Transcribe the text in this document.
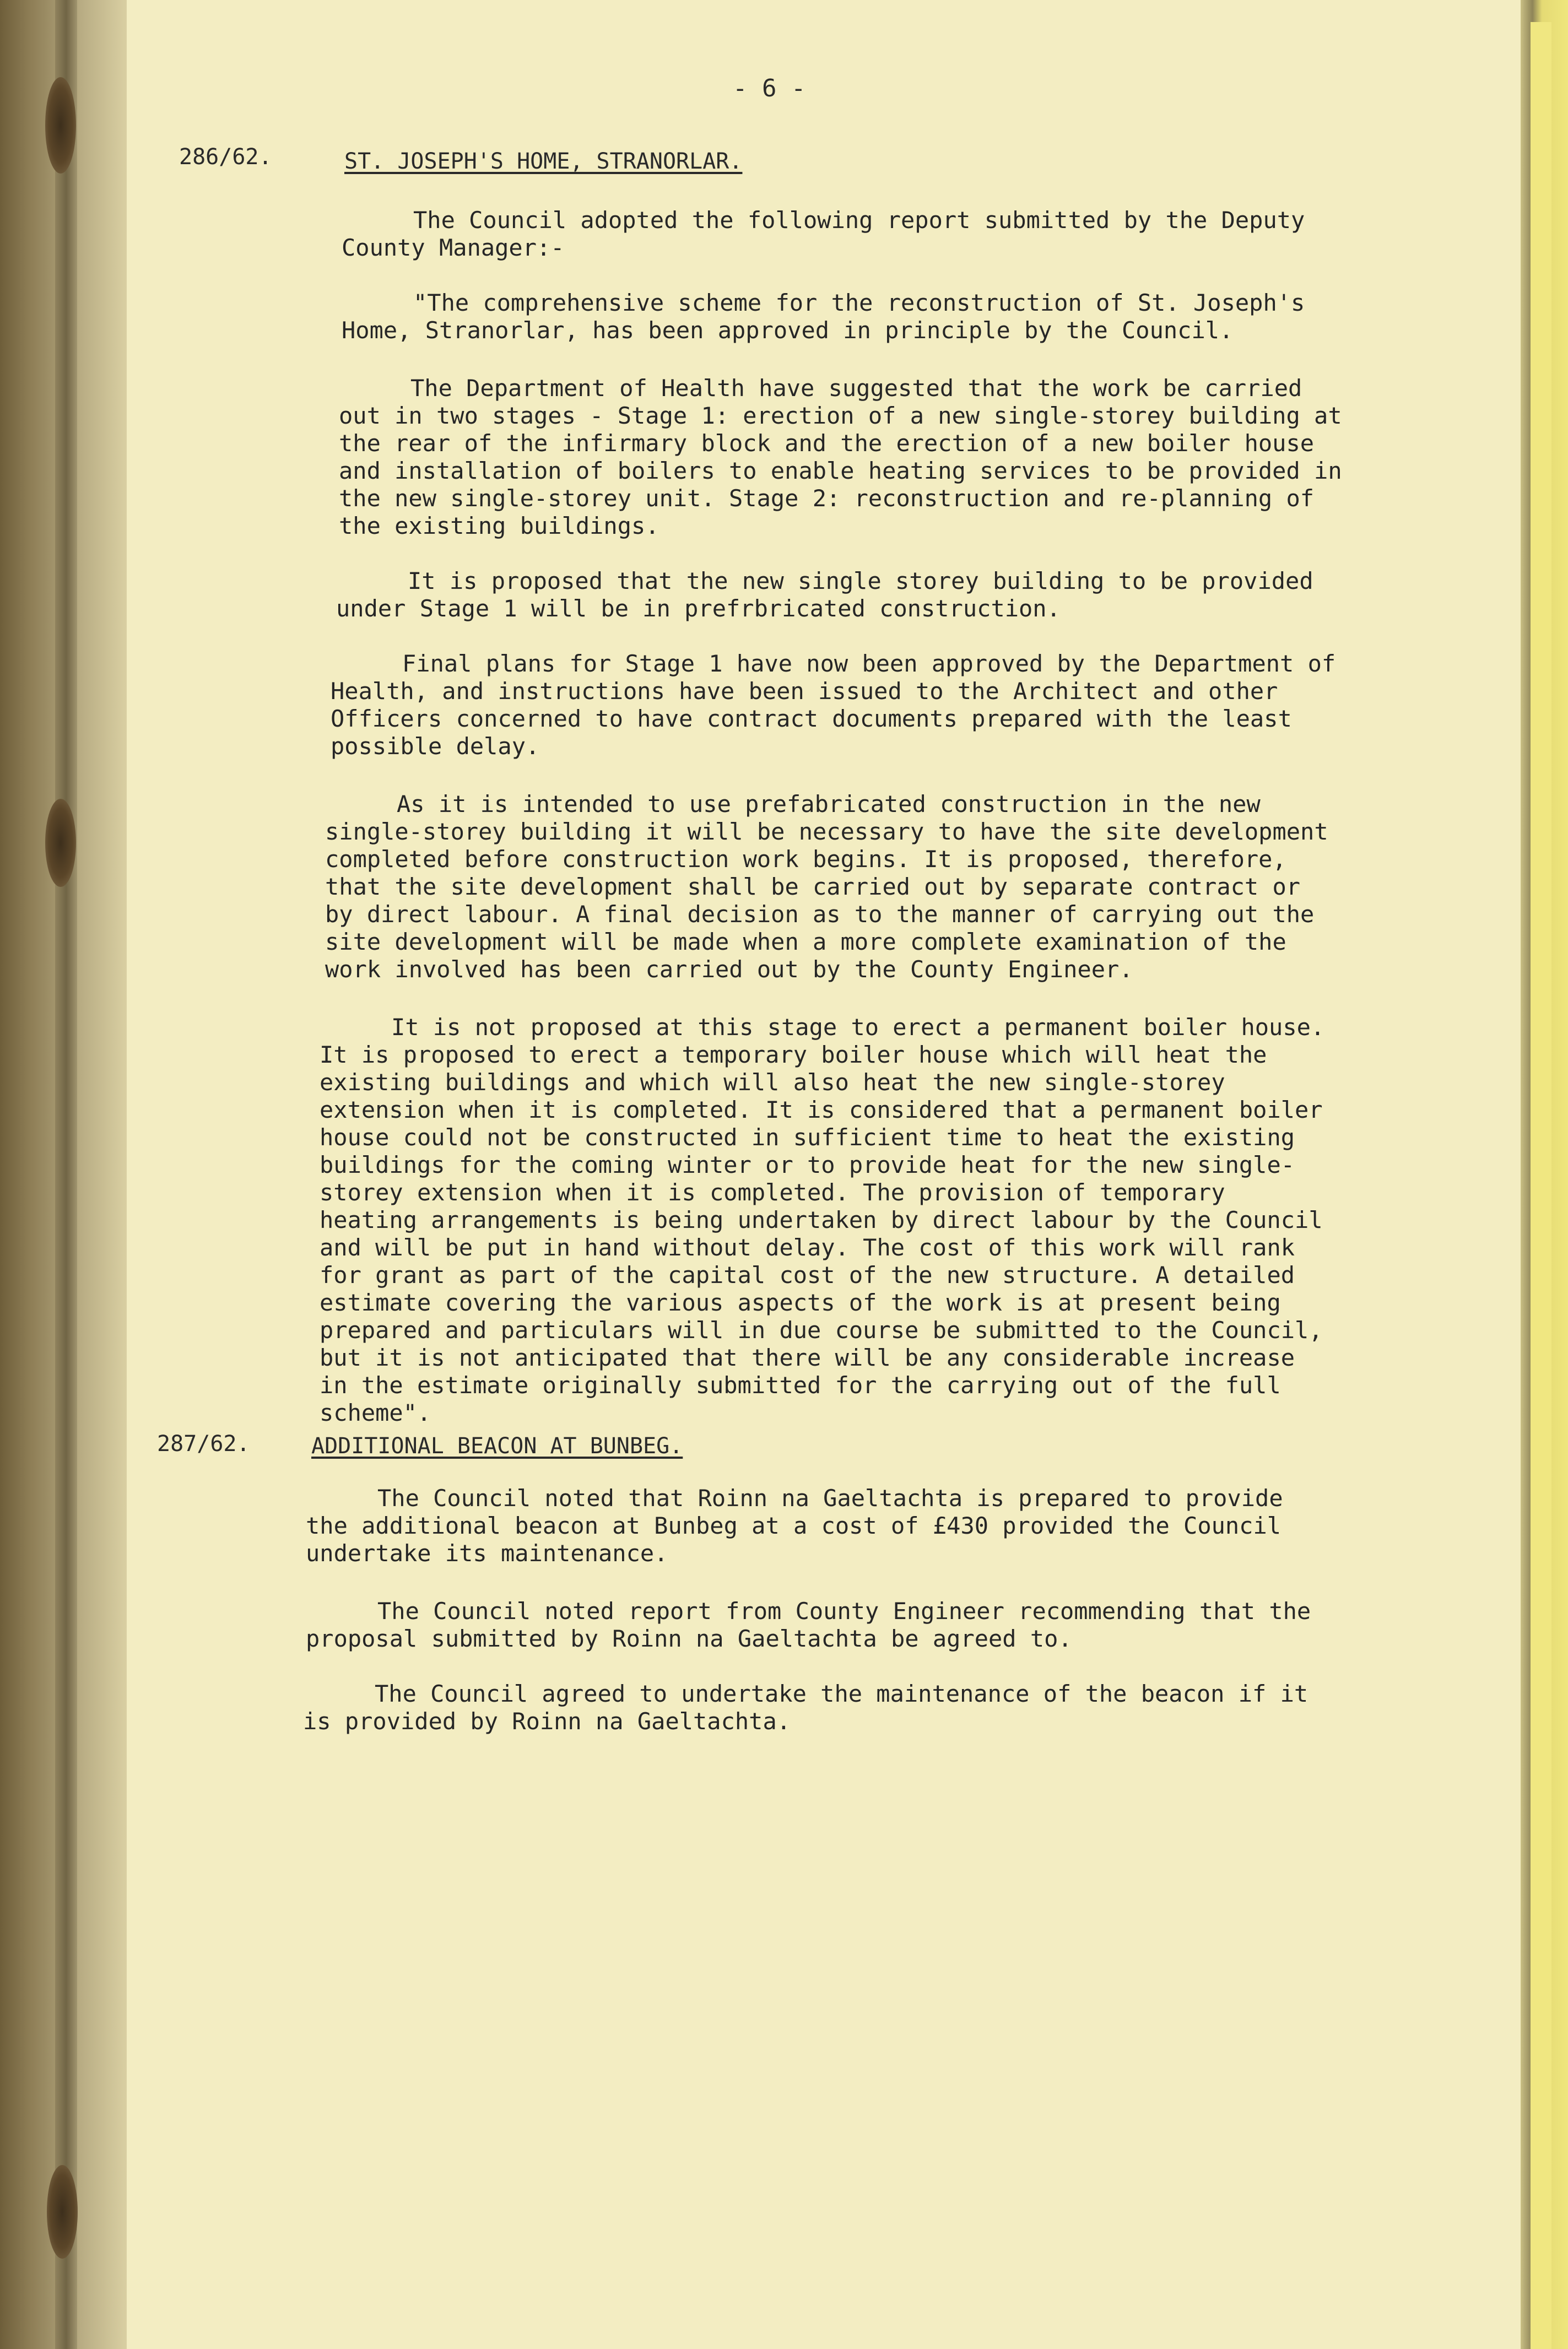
- 6 -
286/62.	ST. JOSEPH'S HOME, STRANORLAR.

The Council adopted the following report submitted by the Deputy County Manager:-

"The comprehensive scheme for the reconstruction of St. Joseph's Home, Stranorlar, has been approved in principle by the Council.

The Department of Health have suggested that the work be carried out in two stages - Stage 1: erection of a new single-storey building at the rear of the infirmary block and the erection of a new boiler house and installation of boilers to enable heating services to be provided in the new single-storey unit. Stage 2: reconstruction and re-planning of the existing buildings.

It is proposed that the new single storey building to be provided under Stage 1 will be in prefrbricated construction.

Final plans for Stage 1 have now been approved by the Department of Health, and instructions have been issued to the Architect and other Officers concerned to have contract documents prepared with the least possible delay.

As it is intended to use prefabricated construction in the new single-storey building it will be necessary to have the site development completed before construction work begins. It is proposed, therefore, that the site development shall be carried out by separate contract or by direct labour. A final decision as to the manner of carrying out the site development will be made when a more complete examination of the work involved has been carried out by the County Engineer.

It is not proposed at this stage to erect a permanent boiler house. It is proposed to erect a temporary boiler house which will heat the existing buildings and which will also heat the new single-storey extension when it is completed. It is considered that a permanent boiler house could not be constructed in sufficient time to heat the existing buildings for the coming winter or to provide heat for the new single-storey extension when it is completed. The provision of temporary heating arrangements is being undertaken by direct labour by the Council and will be put in hand without delay. The cost of this work will rank for grant as part of the capital cost of the new structure. A detailed estimate covering the various aspects of the work is at present being prepared and particulars will in due course be submitted to the Council, but it is not anticipated that there will be any considerable increase in the estimate originally submitted for the carrying out of the full scheme".

287/62.	ADDITIONAL BEACON AT BUNBEG.

The Council noted that Roinn na Gaeltachta is prepared to provide the additional beacon at Bunbeg at a cost of £430 provided the Council undertake its maintenance.

The Council noted report from County Engineer recommending that the proposal submitted by Roinn na Gaeltachta be agreed to.

The Council agreed to undertake the maintenance of the beacon if it is provided by Roinn na Gaeltachta.
